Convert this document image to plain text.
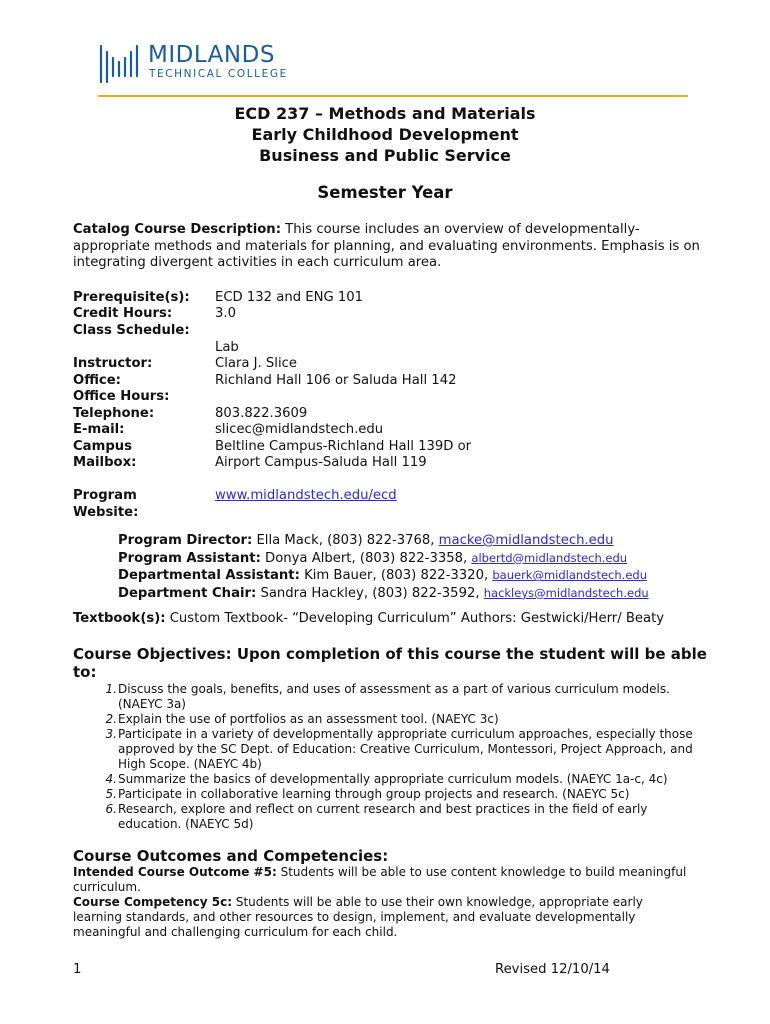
MIDLANDS
TECHNICAL COLLEGE
ECD 237 – Methods and Materials
Early Childhood Development
Business and Public Service
Semester Year
Catalog Course Description: This course includes an overview of developmentally-appropriate methods and materials for planning, and evaluating environments. Emphasis is on integrating divergent activities in each curriculum area.
Prerequisite(s): ECD 132 and ENG 101
Credit Hours:	3.0
Class Schedule:
Lab
Instructor:	Clara J. Slice
Office:	Richland Hall 106 or Saluda Hall 142
Office Hours:
Telephone:	803.822.3609
E-mail:	slicec@midlandstech.edu
Campus	Beltline Campus-Richland Hall 139D or
Mailbox:	Airport Campus-Saluda Hall 119
Program	www.midlandstech.edu/ecd
Website:
Program Director: Ella Mack, (803) 822-3768, macke@midlandstech.edu
Program Assistant: Donya Albert, (803) 822-3358, albertd@midlandstech.edu
Departmental Assistant: Kim Bauer, (803) 822-3320, bauerk@midlandstech.edu
Department Chair: Sandra Hackley, (803) 822-3592, hackleys@midlandstech.edu
Textbook(s): Custom Textbook- “Developing Curriculum” Authors: Gestwicki/Herr/ Beaty
Course Objectives: Upon completion of this course the student will be able to:
1. Discuss the goals, benefits, and uses of assessment as a part of various curriculum models. (NAEYC 3a)
2. Explain the use of portfolios as an assessment tool. (NAEYC 3c)
3. Participate in a variety of developmentally appropriate curriculum approaches, especially those approved by the SC Dept. of Education: Creative Curriculum, Montessori, Project Approach, and High Scope. (NAEYC 4b)
4. Summarize the basics of developmentally appropriate curriculum models. (NAEYC 1a-c, 4c)
5. Participate in collaborative learning through group projects and research. (NAEYC 5c)
6. Research, explore and reflect on current research and best practices in the field of early education. (NAEYC 5d)
Course Outcomes and Competencies:
Intended Course Outcome #5: Students will be able to use content knowledge to build meaningful curriculum.
Course Competency 5c: Students will be able to use their own knowledge, appropriate early learning standards, and other resources to design, implement, and evaluate developmentally meaningful and challenging curriculum for each child.
1	Revised 12/10/14
